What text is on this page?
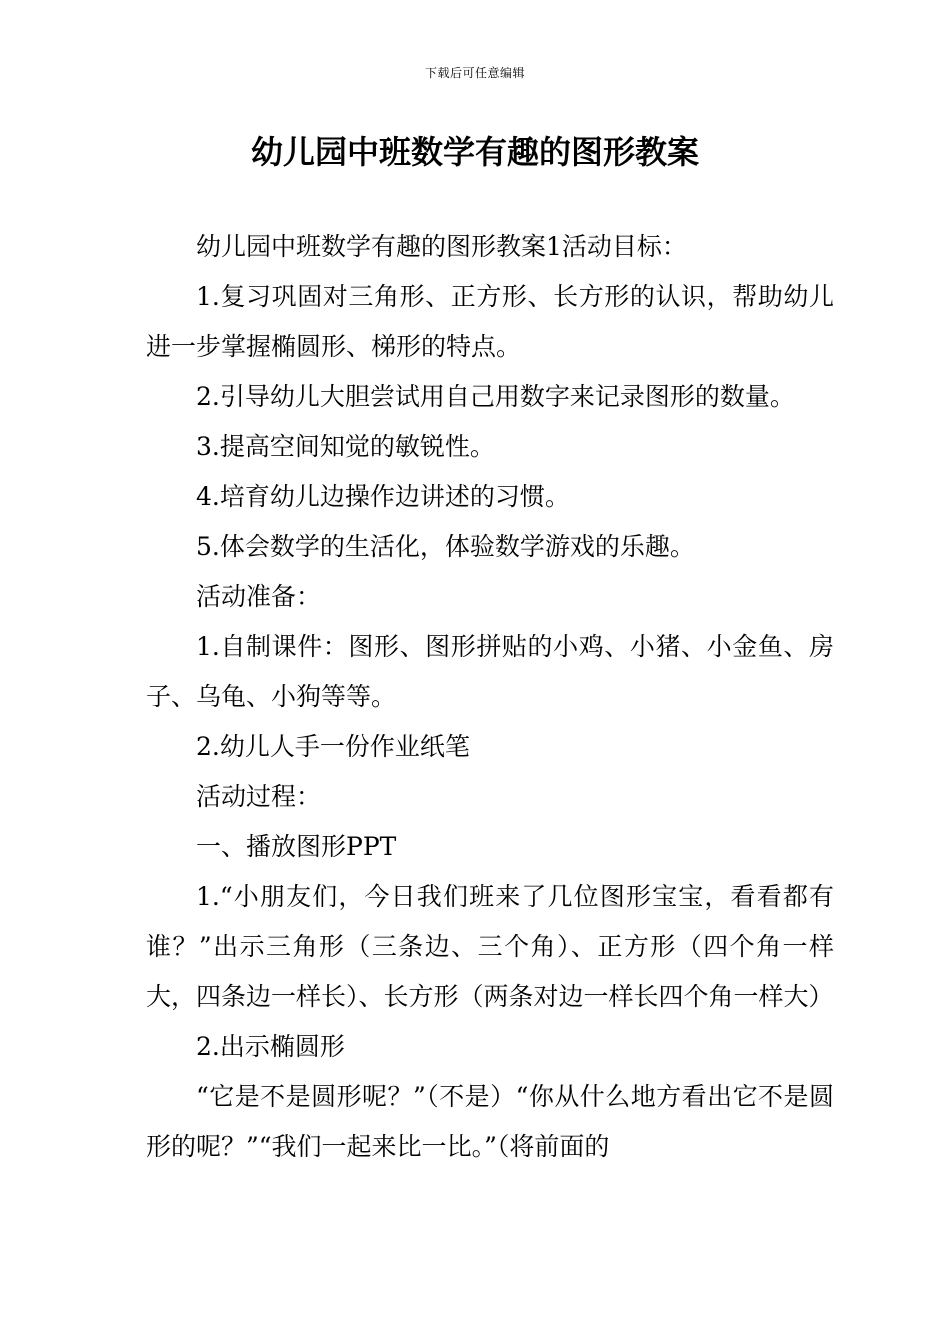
下载后可任意编辑
幼儿园中班数学有趣的图形教案

幼儿园中班数学有趣的图形教案1活动目标：

1.复习巩固对三角形、正方形、长方形的认识，帮助幼儿进一步掌握椭圆形、梯形的特点。

2.引导幼儿大胆尝试用自己用数字来记录图形的数量。

3.提高空间知觉的敏锐性。

4.培育幼儿边操作边讲述的习惯。

5.体会数学的生活化，体验数学游戏的乐趣。

活动准备：

1.自制课件：图形、图形拼贴的小鸡、小猪、小金鱼、房子、乌龟、小狗等等。

2.幼儿人手一份作业纸笔

活动过程：

一、播放图形PPT

1.“小朋友们，今日我们班来了几位图形宝宝，看看都有谁？”出示三角形（三条边、三个角）、正方形（四个角一样大，四条边一样长）、长方形（两条对边一样长四个角一样大）

2.出示椭圆形

“它是不是圆形呢？”（不是）“你从什么地方看出它不是圆形的呢？”“我们一起来比一比。”（将前面的
